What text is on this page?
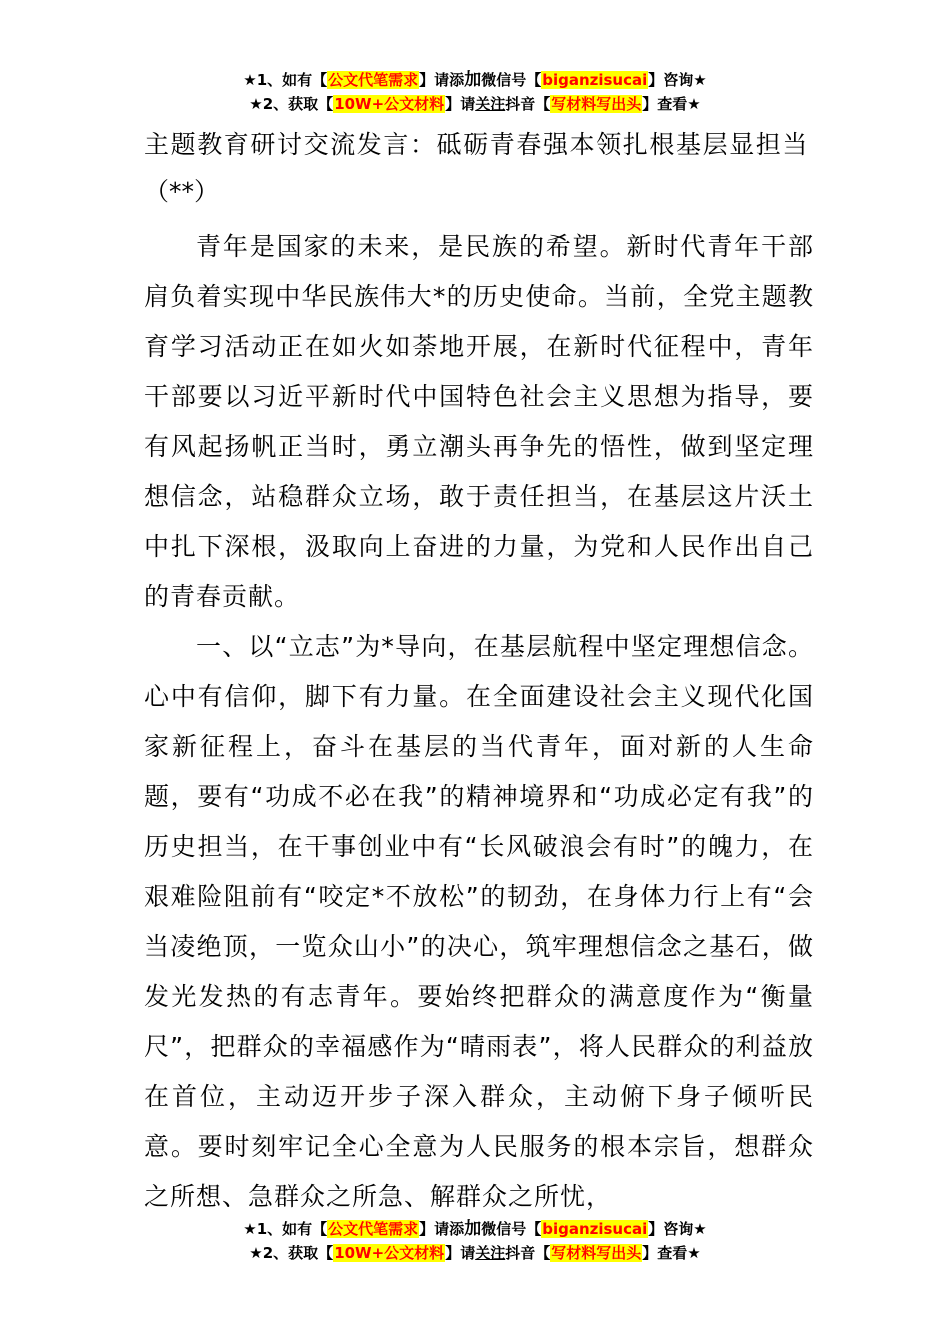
★1、如有【公文代笔需求】请添加微信号【biganzisucai】咨询★
★2、获取【10W+公文材料】请关注抖音【写材料写出头】查看★
主题教育研讨交流发言：砥砺青春强本领扎根基层显担当

（**）

青年是国家的未来，是民族的希望。新时代青年干部肩负着实现中华民族伟大*的历史使命。当前，全党主题教育学习活动正在如火如荼地开展，在新时代征程中，青年干部要以习近平新时代中国特色社会主义思想为指导，要有风起扬帆正当时，勇立潮头再争先的悟性，做到坚定理想信念，站稳群众立场，敢于责任担当，在基层这片沃土中扎下深根，汲取向上奋进的力量，为党和人民作出自己的青春贡献。

一、以“立志”为*导向，在基层航程中坚定理想信念。心中有信仰，脚下有力量。在全面建设社会主义现代化国家新征程上，奋斗在基层的当代青年，面对新的人生命题，要有“功成不必在我”的精神境界和“功成必定有我”的历史担当，在干事创业中有“长风破浪会有时”的魄力，在艰难险阻前有“咬定*不放松”的韧劲，在身体力行上有“会当凌绝顶，一览众山小”的决心，筑牢理想信念之基石，做发光发热的有志青年。要始终把群众的满意度作为“衡量尺”，把群众的幸福感作为“晴雨表”，将人民群众的利益放在首位，主动迈开步子深入群众，主动俯下身子倾听民意。要时刻牢记全心全意为人民服务的根本宗旨，想群众之所想、急群众之所急、解群众之所忧，

★1、如有【公文代笔需求】请添加微信号【biganzisucai】咨询★
★2、获取【10W+公文材料】请关注抖音【写材料写出头】查看★
